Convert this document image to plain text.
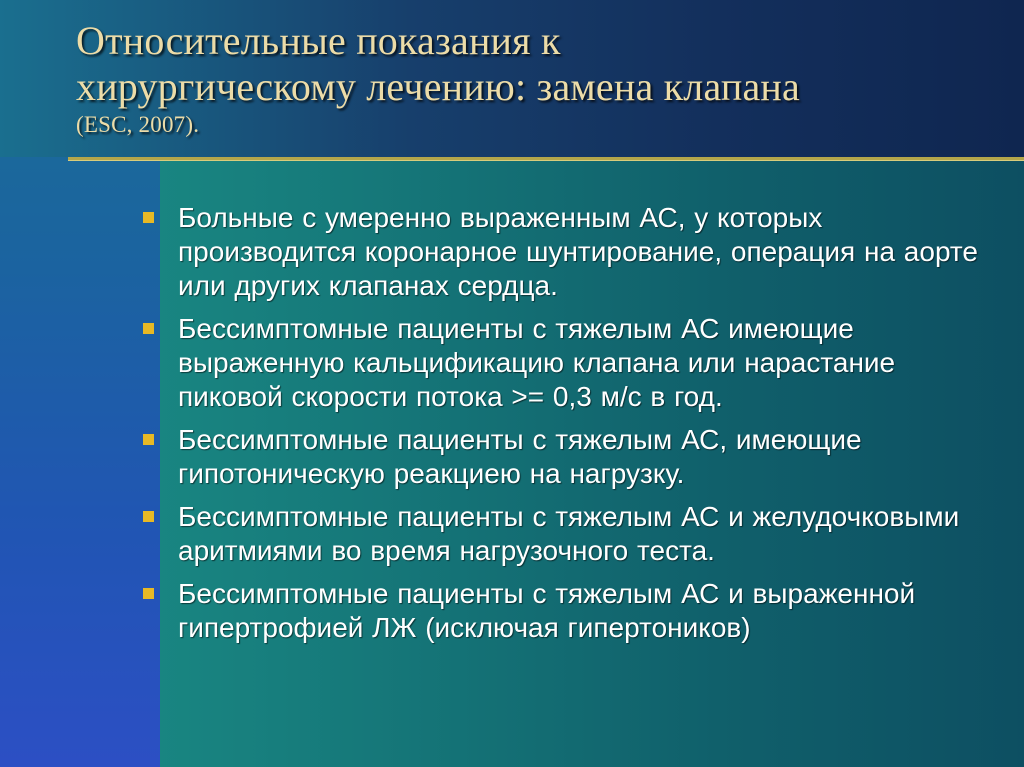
Относительные показания к
хирургическому лечению: замена клапана
(ESC, 2007).
Больные с умеренно выраженным АС, у которых производится коронарное шунтирование, операция на аорте или других клапанах сердца.
Бессимптомные пациенты с тяжелым АС имеющие выраженную кальцификацию клапана или нарастание пиковой скорости потока >= 0,3 м/с в год.
Бессимптомные пациенты с тяжелым АС, имеющие гипотоническую реакциею на нагрузку.
Бессимптомные пациенты с тяжелым АС и желудочковыми аритмиями во время нагрузочного теста.
Бессимптомные пациенты с тяжелым АС и выраженной гипертрофией ЛЖ (исключая гипертоников)
